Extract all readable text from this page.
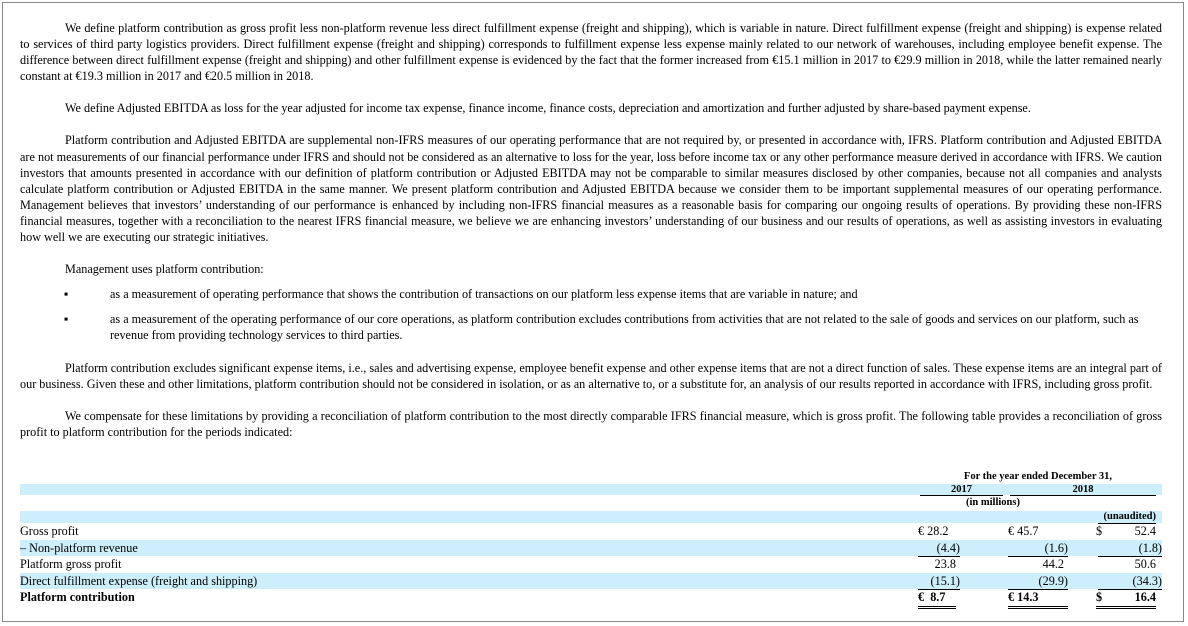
We define platform contribution as gross profit less non-platform revenue less direct fulfillment expense (freight and shipping), which is variable in nature. Direct fulfillment expense (freight and shipping) is expense related to services of third party logistics providers. Direct fulfillment expense (freight and shipping) corresponds to fulfillment expense less expense mainly related to our network of warehouses, including employee benefit expense. The difference between direct fulfillment expense (freight and shipping) and other fulfillment expense is evidenced by the fact that the former increased from €15.1 million in 2017 to €29.9 million in 2018, while the latter remained nearly constant at €19.3 million in 2017 and €20.5 million in 2018.

We define Adjusted EBITDA as loss for the year adjusted for income tax expense, finance income, finance costs, depreciation and amortization and further adjusted by share-based payment expense.

Platform contribution and Adjusted EBITDA are supplemental non-IFRS measures of our operating performance that are not required by, or presented in accordance with, IFRS. Platform contribution and Adjusted EBITDA are not measurements of our financial performance under IFRS and should not be considered as an alternative to loss for the year, loss before income tax or any other performance measure derived in accordance with IFRS. We caution investors that amounts presented in accordance with our definition of platform contribution or Adjusted EBITDA may not be comparable to similar measures disclosed by other companies, because not all companies and analysts calculate platform contribution or Adjusted EBITDA in the same manner. We present platform contribution and Adjusted EBITDA because we consider them to be important supplemental measures of our operating performance. Management believes that investors’ understanding of our performance is enhanced by including non-IFRS financial measures as a reasonable basis for comparing our ongoing results of operations. By providing these non-IFRS financial measures, together with a reconciliation to the nearest IFRS financial measure, we believe we are enhancing investors’ understanding of our business and our results of operations, as well as assisting investors in evaluating how well we are executing our strategic initiatives.

Management uses platform contribution:

▪	as a measurement of operating performance that shows the contribution of transactions on our platform less expense items that are variable in nature; and
▪	as a measurement of the operating performance of our core operations, as platform contribution excludes contributions from activities that are not related to the sale of goods and services on our platform, such as revenue from providing technology services to third parties.

Platform contribution excludes significant expense items, i.e., sales and advertising expense, employee benefit expense and other expense items that are not a direct function of sales. These expense items are an integral part of our business. Given these and other limitations, platform contribution should not be considered in isolation, or as an alternative to, or a substitute for, an analysis of our results reported in accordance with IFRS, including gross profit.

We compensate for these limitations by providing a reconciliation of platform contribution to the most directly comparable IFRS financial measure, which is gross profit. The following table provides a reconciliation of gross profit to platform contribution for the periods indicated:

For the year ended December 31,
2017	2018
(in millions)
(unaudited)
Gross profit	€ 28.2	€ 45.7	$	52.4
– Non-platform revenue	(4.4)	(1.6)	(1.8)
Platform gross profit	23.8	44.2	50.6
Direct fulfillment expense (freight and shipping)	(15.1)	(29.9)	(34.3)
Platform contribution	€  8.7	€ 14.3	$	16.4
